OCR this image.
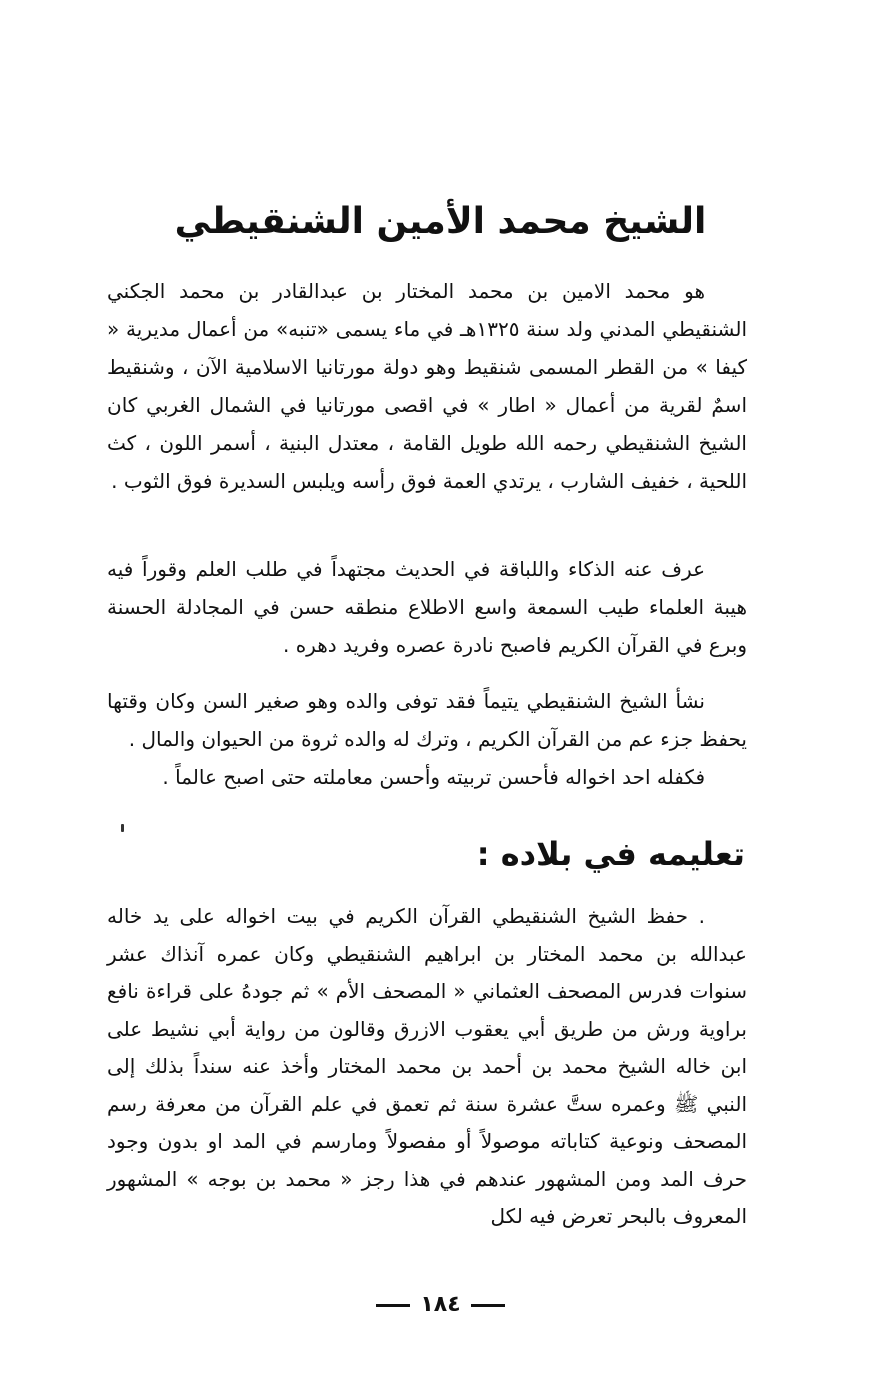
الشيخ محمد الأمين الشنقيطي

هو محمد الامين بن محمد المختار بن عبدالقادر بن محمد الجكني الشنقيطي المدني ولد سنة ١٣٢٥هـ في ماء يسمى «تنبه» من أعمال مديرية « كيفا » من القطر المسمى شنقيط وهو دولة مورتانيا الاسلامية الآن ، وشنقيط اسمٌ لقرية من أعمال « اطار » في اقصى مورتانيا في الشمال الغربي كان الشيخ الشنقيطي رحمه الله طويل القامة ، معتدل البنية ، أسمر اللون ، كث اللحية ، خفيف الشارب ، يرتدي العمة فوق رأسه ويلبس السديرة فوق الثوب .

عرف عنه الذكاء واللباقة في الحديث مجتهداً في طلب العلم وقوراً فيه هيبة العلماء طيب السمعة واسع الاطلاع منطقه حسن في المجادلة الحسنة وبرع في القرآن الكريم فاصبح نادرة عصره وفريد دهره .

نشأ الشيخ الشنقيطي يتيماً فقد توفى والده وهو صغير السن وكان وقتها يحفظ جزء عم من القرآن الكريم ، وترك له والده ثروة من الحيوان والمال .

فكفله احد اخواله فأحسن تربيته وأحسن معاملته حتى اصبح عالماً .

تعليمه في بلاده :

. حفظ الشيخ الشنقيطي القرآن الكريم في بيت اخواله على يد خاله عبدالله بن محمد المختار بن ابراهيم الشنقيطي وكان عمره آنذاك عشر سنوات فدرس المصحف العثماني « المصحف الأم » ثم جودهُ على قراءة نافع براوية ورش من طريق أبي يعقوب الازرق وقالون من رواية أبي نشيط على ابن خاله الشيخ محمد بن أحمد بن محمد المختار وأخذ عنه سنداً بذلك إلى النبي ﷺ وعمره ستَّ عشرة سنة ثم تعمق في علم القرآن من معرفة رسم المصحف ونوعية كتاباته موصولاً أو مفصولاً ومارسم في المد او بدون وجود حرف المد ومن المشهور عندهم في هذا رجز « محمد بن بوجه » المشهور المعروف بالبحر تعرض فيه لكل

١٨٤
